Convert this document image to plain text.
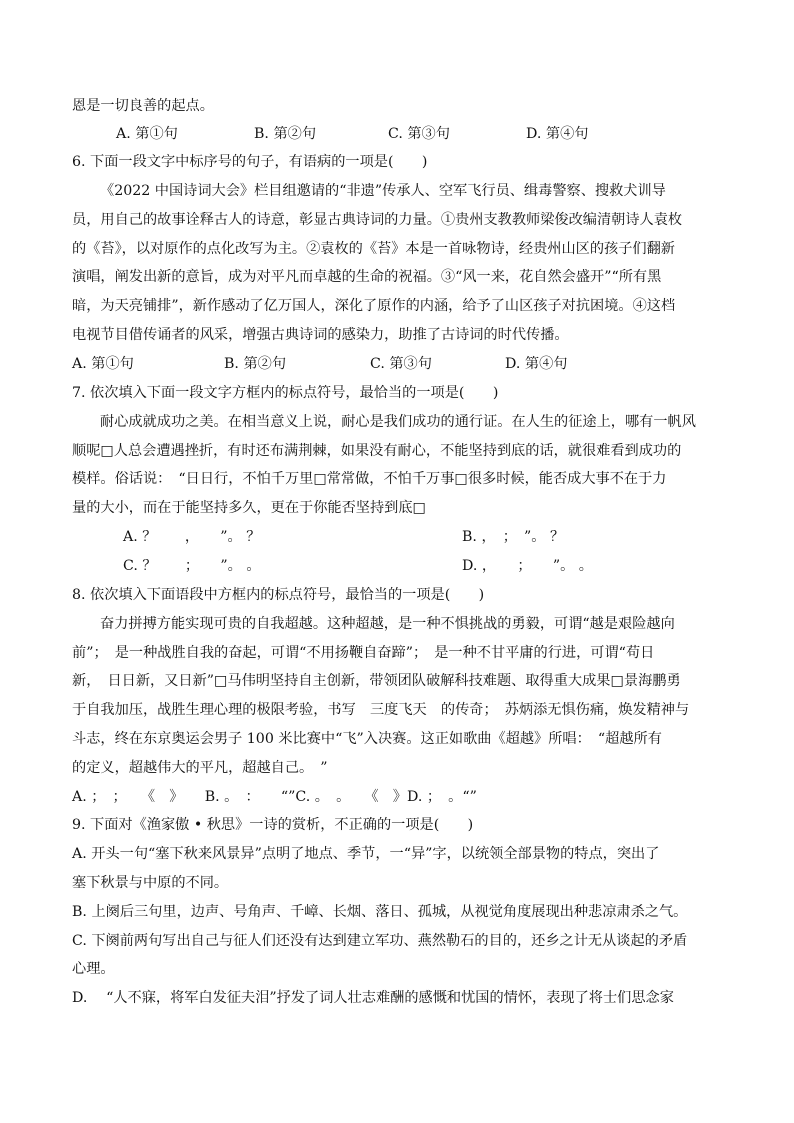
恩是一切良善的起点。
A. 第①句	B. 第②句	C. 第③句	D. 第④句
6. 下面一段文字中标序号的句子，有语病的一项是(　　)
《2022 中国诗词大会》栏目组邀请的“非遗”传承人、空军飞行员、缉毒警察、搜救犬训导
员，用自己的故事诠释古人的诗意，彰显古典诗词的力量。①贵州支教教师梁俊改编清朝诗人袁枚
的《苔》，以对原作的点化改写为主。②袁枚的《苔》本是一首咏物诗，经贵州山区的孩子们翻新
演唱，阐发出新的意旨，成为对平凡而卓越的生命的祝福。③“风一来，花自然会盛开”“所有黑
暗，为天亮铺排”，新作感动了亿万国人，深化了原作的内涵，给予了山区孩子对抗困境。④这档
电视节目借传诵者的风采，增强古典诗词的感染力，助推了古诗词的时代传播。
A. 第①句	B. 第②句	C. 第③句	D. 第④句
7. 依次填入下面一段文字方框内的标点符号，最恰当的一项是(　　)
耐心成就成功之美。在相当意义上说，耐心是我们成功的通行证。在人生的征途上，哪有一帆风
顺呢□人总会遭遇挫折，有时还布满荆棘，如果没有耐心，不能坚持到底的话，就很难看到成功的
模样。俗话说：　“日日行，不怕千万里□常常做，不怕千万事□很多时候，能否成大事不在于力
量的大小，而在于能坚持多久，更在于你能否坚持到底□
A. ？　　，　　”。 ？	B. ，　；　”。 ？
C. ？　　；　　”。 。	D. ，　　；　　”。 。
8. 依次填入下面语段中方框内的标点符号，最恰当的一项是(　　)
奋力拼搏方能实现可贵的自我超越。这种超越，是一种不惧挑战的勇毅，可谓“越是艰险越向
前”；　是一种战胜自我的奋起，可谓“不用扬鞭自奋蹄”；　是一种不甘平庸的行进，可谓“苟日
新，　日日新，又日新”□马伟明坚持自主创新，带领团队破解科技难题、取得重大成果□景海鹏勇
于自我加压，战胜生理心理的极限考验，书写　三度飞天　的传奇；　苏炳添无惧伤痛，焕发精神与
斗志，终在东京奥运会男子 100 米比赛中“飞”入决赛。这正如歌曲《超越》所唱：　“超越所有
的定义，超越伟大的平凡，超越自己。　”
A. ；　；　　《　》　　B. 。　：　　“”C. 。　。　　《　》D. ；　。“”
9. 下面对《渔家傲 • 秋思》一诗的赏析，不正确的一项是(　　)
A. 开头一句“塞下秋来风景异”点明了地点、季节，一“异”字，以统领全部景物的特点，突出了
塞下秋景与中原的不同。
B. 上阕后三句里，边声、号角声、千嶂、长烟、落日、孤城，从视觉角度展现出种悲凉肃杀之气。
C. 下阕前两句写出自己与征人们还没有达到建立军功、燕然勒石的目的，还乡之计无从谈起的矛盾
心理。
D. 　“人不寐，将军白发征夫泪”抒发了词人壮志难酬的感慨和忧国的情怀，表现了将士们思念家
